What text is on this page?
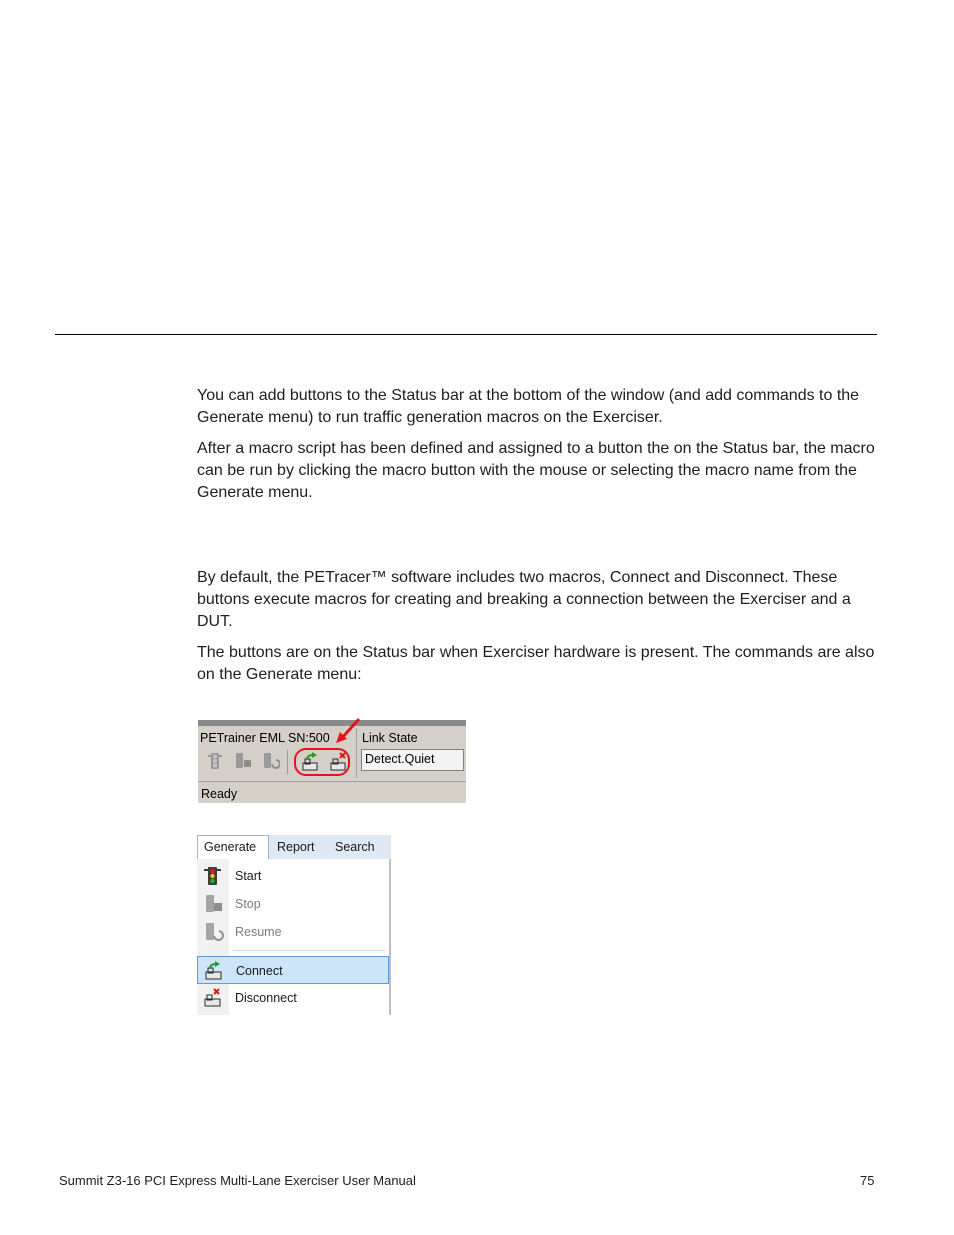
You can add buttons to the Status bar at the bottom of the window (and add commands to the Generate menu) to run traffic generation macros on the Exerciser.

After a macro script has been defined and assigned to a button the on the Status bar, the macro can be run by clicking the macro button with the mouse or selecting the macro name from the Generate menu.

By default, the PETracer™ software includes two macros, Connect and Disconnect. These buttons execute macros for creating and breaking a connection between the Exerciser and a DUT.

The buttons are on the Status bar when Exerciser hardware is present. The commands are also on the Generate menu:

PETrainer EML SN:500	Link State
Detect.Quiet
Ready
Generate Report Search
Start
Stop
Resume
Connect
Disconnect
Summit Z3-16 PCI Express Multi-Lane Exerciser User Manual	75
